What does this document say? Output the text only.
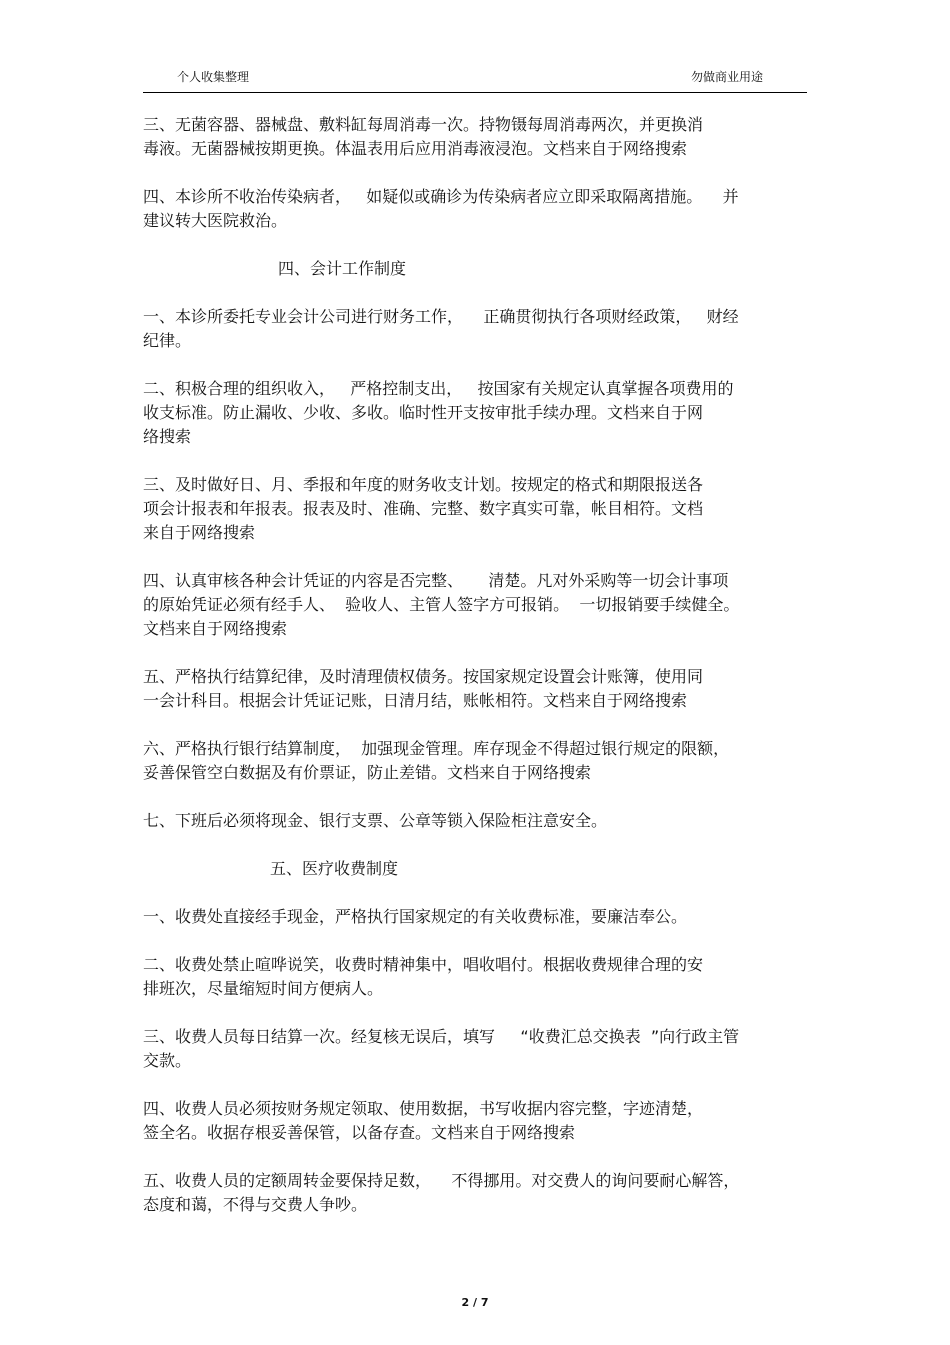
个人收集整理	勿做商业用途

三、无菌容器、器械盘、敷料缸每周消毒一次。持物镊每周消毒两次，并更换消
毒液。无菌器械按期更换。体温表用后应用消毒液浸泡。文档来自于网络搜索

四、本诊所不收治传染病者，   如疑似或确诊为传染病者应立即采取隔离措施。    并
建议转大医院救治。

四、会计工作制度

一、本诊所委托专业会计公司进行财务工作，    正确贯彻执行各项财经政策，   财经
纪律。

二、积极合理的组织收入，   严格控制支出，   按国家有关规定认真掌握各项费用的
收支标准。防止漏收、少收、多收。临时性开支按审批手续办理。文档来自于网
络搜索

三、及时做好日、月、季报和年度的财务收支计划。按规定的格式和期限报送各
项会计报表和年报表。报表及时、准确、完整、数字真实可靠，帐目相符。文档
来自于网络搜索

四、认真审核各种会计凭证的内容是否完整、     清楚。凡对外采购等一切会计事项
的原始凭证必须有经手人、  验收人、主管人签字方可报销。  一切报销要手续健全。
文档来自于网络搜索

五、严格执行结算纪律，及时清理债权债务。按国家规定设置会计账簿，使用同
一会计科目。根据会计凭证记账，日清月结，账帐相符。文档来自于网络搜索

六、严格执行银行结算制度，  加强现金管理。库存现金不得超过银行规定的限额，
妥善保管空白数据及有价票证，防止差错。文档来自于网络搜索

七、下班后必须将现金、银行支票、公章等锁入保险柜注意安全。

五、医疗收费制度

一、收费处直接经手现金，严格执行国家规定的有关收费标准，要廉洁奉公。

二、收费处禁止喧哗说笑，收费时精神集中，唱收唱付。根据收费规律合理的安
排班次，尽量缩短时间方便病人。

三、收费人员每日结算一次。经复核无误后，填写     “收费汇总交换表  ”向行政主管
交款。

四、收费人员必须按财务规定领取、使用数据，书写收据内容完整，字迹清楚，
签全名。收据存根妥善保管，以备存查。文档来自于网络搜索

五、收费人员的定额周转金要保持足数，    不得挪用。对交费人的询问要耐心解答，
态度和蔼，不得与交费人争吵。

2 / 7
